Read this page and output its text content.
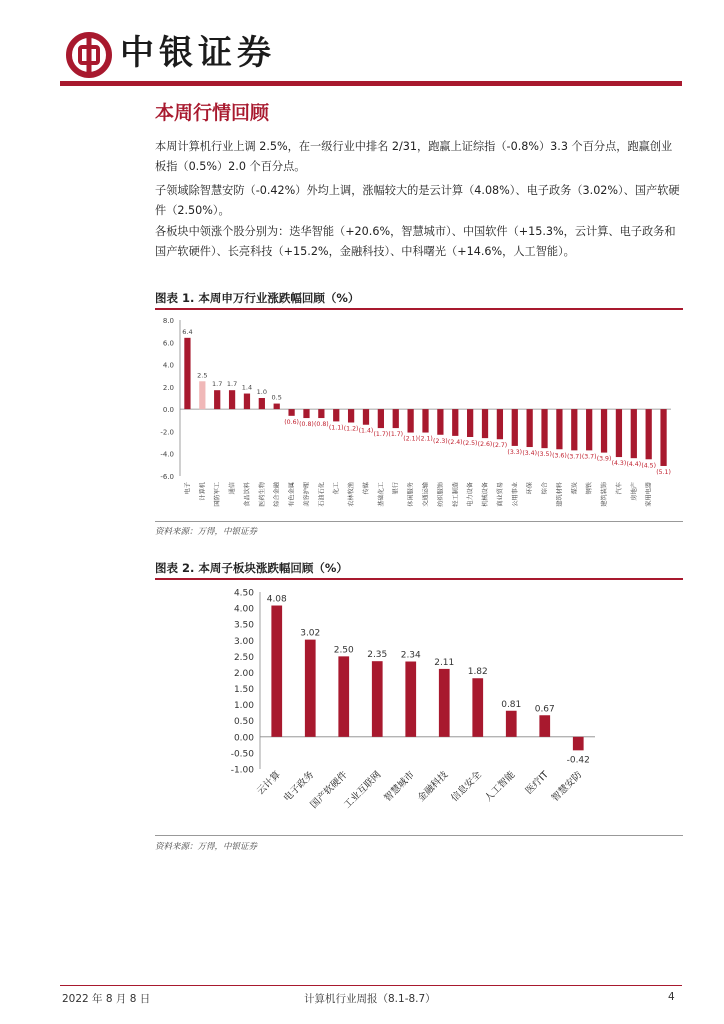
中银证券
本周行情回顾
本周计算机行业上调 2.5%，在一级行业中排名 2/31，跑赢上证综指（-0.8%）3.3 个百分点，跑赢创业板指（0.5%）2.0 个百分点。
子领域除智慧安防（-0.42%）外均上调，涨幅较大的是云计算（4.08%）、电子政务（3.02%）、国产软硬件（2.50%）。
各板块中领涨个股分别为：迭华智能（+20.6%，智慧城市）、中国软件（+15.3%，云计算、电子政务和国产软硬件）、长亮科技（+15.2%，金融科技）、中科曙光（+14.6%，人工智能）。
图表 1. 本周申万行业涨跌幅回顾（%）
8.0
6.0
4.0
2.0
0.0
-2.0
-4.0
-6.0
6.4
电子
2.5
计算机
1.7
国防军工
1.7
通信
1.4
食品饮料
1.0
医药生物
0.5
综合金融
(0.6)
有色金属
(0.8)
美容护理
(0.8)
石油石化
(1.1)
化工
(1.2)
农林牧渔
(1.4)
传媒
(1.7)
基础化工
(1.7)
银行
(2.1)
休闲服务
(2.1)
交通运输
(2.3)
纺织服饰
(2.4)
轻工制造
(2.5)
电力设备
(2.6)
机械设备
(2.7)
商业贸易
(3.3)
公用事业
(3.4)
环保
(3.5)
综合
(3.6)
建筑材料
(3.7)
煤炭
(3.7)
钢铁
(3.9)
建筑装饰
(4.3)
汽车
(4.4)
房地产
(4.5)
家用电器
(5.1)
资料来源：万得，中银证券
图表 2. 本周子板块涨跌幅回顾（%）
4.50
4.00
3.50
3.00
2.50
2.00
1.50
1.00
0.50
0.00
-0.50
-1.00
4.08
云计算
3.02
电子政务
2.50
国产软硬件
2.35
工业互联网
2.34
智慧城市
2.11
金融科技
1.82
信息安全
0.81
人工智能
0.67
医疗IT
-0.42
智慧安防
资料来源：万得，中银证券
2022 年 8 月 8 日	计算机行业周报（8.1-8.7）	4
